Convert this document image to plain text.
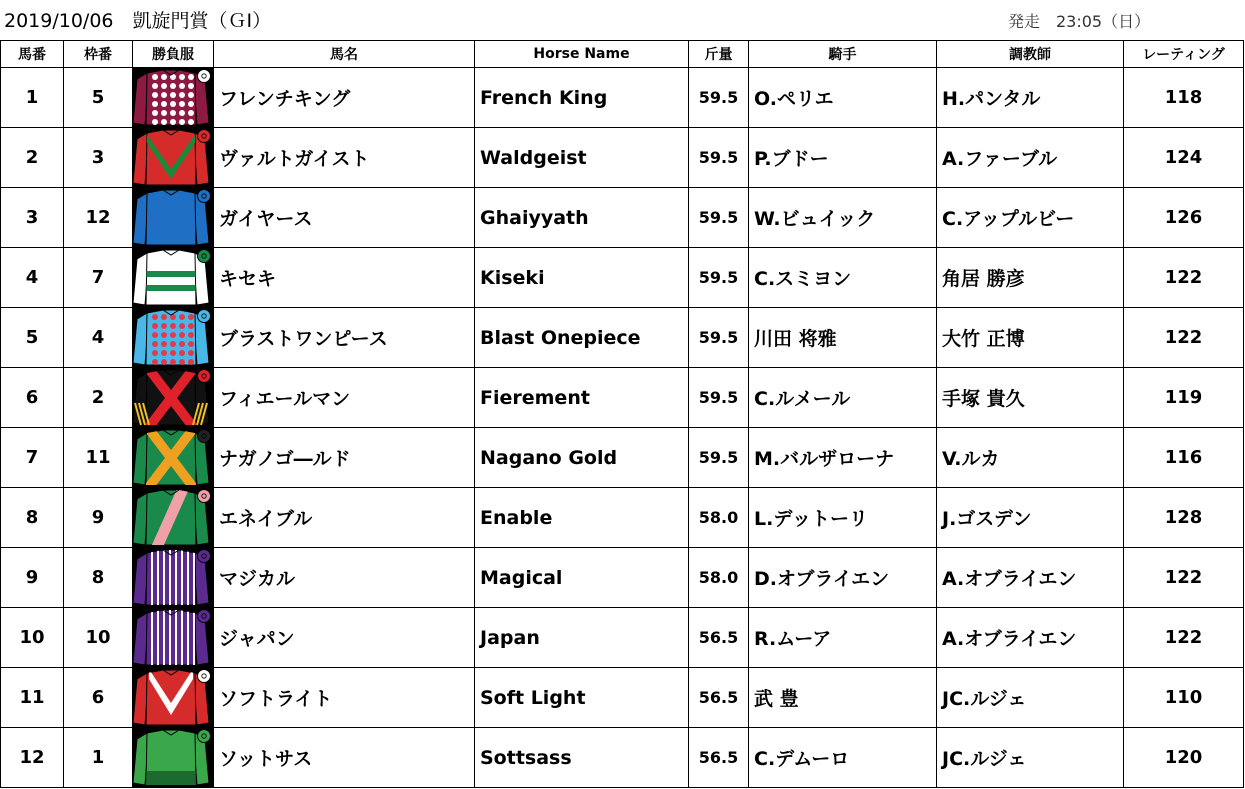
2019/10/06　凱旋門賞（ＧⅠ）	発走　23:05（日）
馬番	枠番	勝負服	馬名	Horse Name	斤量	騎手	調教師	レーティング
1	5		フレンチキング	French King	59.5	O.ペリエ	H.パンタル	118
2	3		ヴァルトガイスト	Waldgeist	59.5	P.ブドー	A.ファーブル	124
3	12		ガイヤース	Ghaiyyath	59.5	W.ビュイック	C.アップルビー	126
4	7		キセキ	Kiseki	59.5	C.スミヨン	角居 勝彦	122
5	4		ブラストワンピース	Blast Onepiece	59.5	川田 将雅	大竹 正博	122
6	2		フィエールマン	Fierement	59.5	C.ルメール	手塚 貴久	119
7	11		ナガノゴ―ルド	Nagano Gold	59.5	M.バルザローナ	V.ルカ	116
8	9		エネイブル	Enable	58.0	L.デットーリ	J.ゴスデン	128
9	8		マジカル	Magical	58.0	D.オブライエン	A.オブライエン	122
10	10		ジャパン	Japan	56.5	R.ムーア	A.オブライエン	122
11	6		ソフトライト	Soft Light	56.5	武 豊	JC.ルジェ	110
12	1		ソットサス	Sottsass	56.5	C.デムーロ	JC.ルジェ	120
